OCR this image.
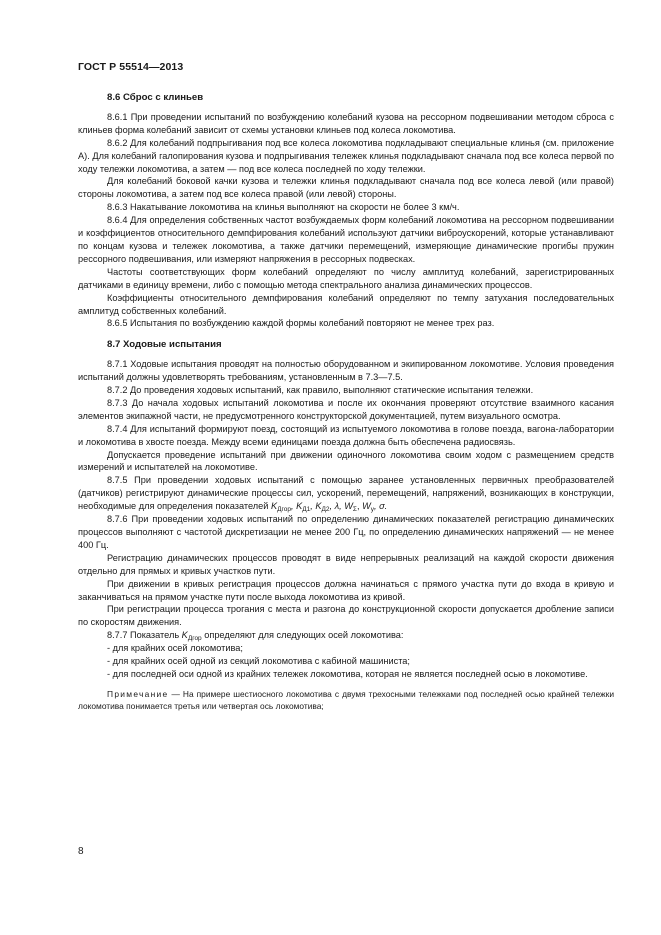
ГОСТ Р 55514—2013
8.6 Сброс с клиньев

8.6.1 При проведении испытаний по возбуждению колебаний кузова на рессорном подвешивании методом сброса с клиньев форма колебаний зависит от схемы установки клиньев под колеса локомотива.

8.6.2 Для колебаний подпрыгивания под все колеса локомотива подкладывают специальные клинья (см. приложение А). Для колебаний галопирования кузова и подпрыгивания тележек клинья подкладывают сначала под все колеса первой по ходу тележки локомотива, а затем — под все колеса последней по ходу тележки.

Для колебаний боковой качки кузова и тележки клинья подкладывают сначала под все колеса левой (или правой) стороны локомотива, а затем под все колеса правой (или левой) стороны.

8.6.3 Накатывание локомотива на клинья выполняют на скорости не более 3 км/ч.

8.6.4 Для определения собственных частот возбуждаемых форм колебаний локомотива на рессорном подвешивании и коэффициентов относительного демпфирования колебаний используют датчики виброускорений, которые устанавливают по концам кузова и тележек локомотива, а также датчики перемещений, измеряющие динамические прогибы пружин рессорного подвешивания, или измеряют напряжения в рессорных подвесках.

Частоты соответствующих форм колебаний определяют по числу амплитуд колебаний, зарегистрированных датчиками в единицу времени, либо с помощью метода спектрального анализа динамических процессов.

Коэффициенты относительного демпфирования колебаний определяют по темпу затухания последовательных амплитуд собственных колебаний.

8.6.5 Испытания по возбуждению каждой формы колебаний повторяют не менее трех раз.

8.7 Ходовые испытания

8.7.1 Ходовые испытания проводят на полностью оборудованном и экипированном локомотиве. Условия проведения испытаний должны удовлетворять требованиям, установленным в 7.3—7.5.

8.7.2 До проведения ходовых испытаний, как правило, выполняют статические испытания тележки.

8.7.3 До начала ходовых испытаний локомотива и после их окончания проверяют отсутствие взаимного касания элементов экипажной части, не предусмотренного конструкторской документацией, путем визуального осмотра.

8.7.4 Для испытаний формируют поезд, состоящий из испытуемого локомотива в голове поезда, вагона-лаборатории и локомотива в хвосте поезда. Между всеми единицами поезда должна быть обеспечена радиосвязь.

Допускается проведение испытаний при движении одиночного локомотива своим ходом с размещением средств измерений и испытателей на локомотиве.

8.7.5 При проведении ходовых испытаний с помощью заранее установленных первичных преобразователей (датчиков) регистрируют динамические процессы сил, ускорений, перемещений, напряжений, возникающих в конструкции, необходимые для определения показателей $K_{Дгор}$, $K_{Д1}$, $K_{Д2}$, λ, $W_\Sigma$, $W_y$, σ.

8.7.6 При проведении ходовых испытаний по определению динамических показателей регистрацию динамических процессов выполняют с частотой дискретизации не менее 200 Гц, по определению динамических напряжений — не менее 400 Гц.

Регистрацию динамических процессов проводят в виде непрерывных реализаций на каждой скорости движения отдельно для прямых и кривых участков пути.

При движении в кривых регистрация процессов должна начинаться с прямого участка пути до входа в кривую и заканчиваться на прямом участке пути после выхода локомотива из кривой.

При регистрации процесса трогания с места и разгона до конструкционной скорости допускается дробление записи по скоростям движения.

8.7.7 Показатель $K_{Дгор}$ определяют для следующих осей локомотива:

- для крайних осей локомотива;

- для крайних осей одной из секций локомотива с кабиной машиниста;

- для последней оси одной из крайних тележек локомотива, которая не является последней осью в локомотиве.

Примечание — На примере шестиосного локомотива с двумя трехосными тележками под последней осью крайней тележки локомотива понимается третья или четвертая ось локомотива;

8
